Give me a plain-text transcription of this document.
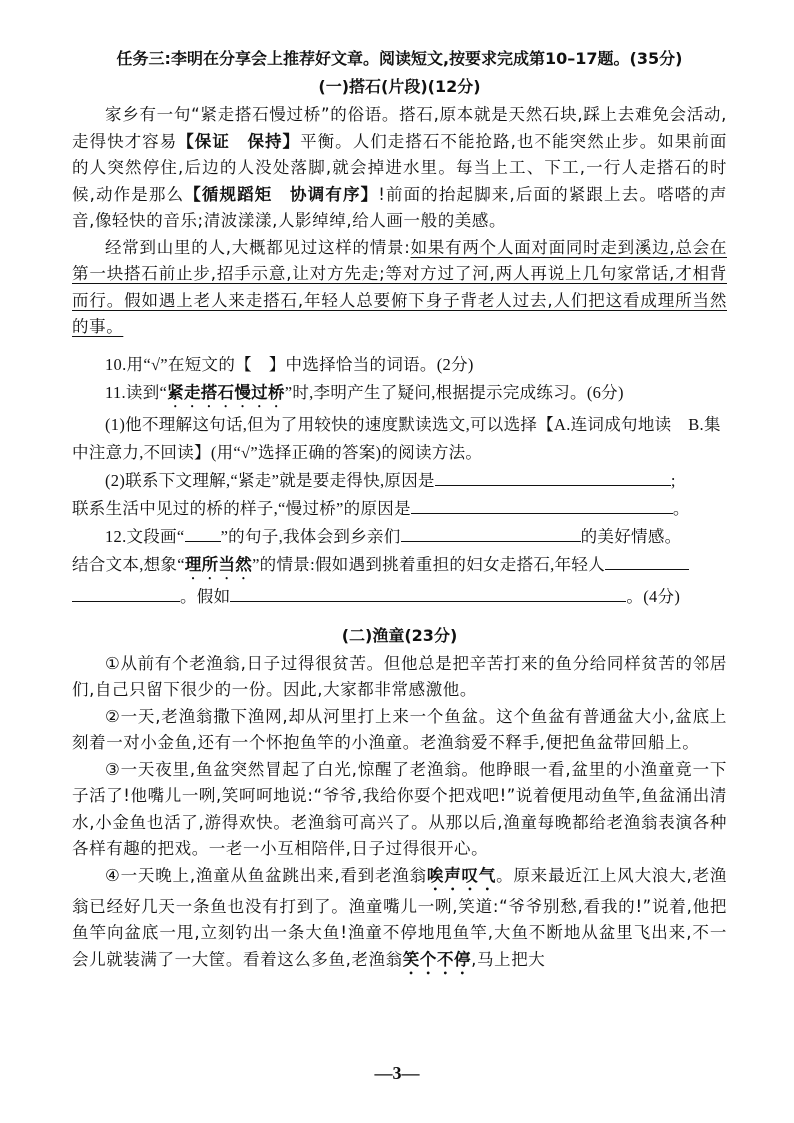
任务三:李明在分享会上推荐好文章。阅读短文,按要求完成第10–17题。(35分)

(一)搭石(片段)(12分)

家乡有一句“紧走搭石慢过桥”的俗语。搭石,原本就是天然石块,踩上去难免会活动,走得快才容易【保证　保持】平衡。人们走搭石不能抢路,也不能突然止步。如果前面的人突然停住,后边的人没处落脚,就会掉进水里。每当上工、下工,一行人走搭石的时候,动作是那么【循规蹈矩　协调有序】!前面的抬起脚来,后面的紧跟上去。嗒嗒的声音,像轻快的音乐;清波漾漾,人影绰绰,给人画一般的美感。

经常到山里的人,大概都见过这样的情景:如果有两个人面对面同时走到溪边,总会在第一块搭石前止步,招手示意,让对方先走;等对方过了河,两人再说上几句家常话,才相背而行。假如遇上老人来走搭石,年轻人总要俯下身子背老人过去,人们把这看成理所当然的事。

10.用“√”在短文的【　】中选择恰当的词语。(2分)

11.读到“紧走搭石慢过桥”时,李明产生了疑问,根据提示完成练习。(6分)

(1)他不理解这句话,但为了用较快的速度默读选文,可以选择【A.连词成句地读　B.集中注意力,不回读】(用“√”选择正确的答案)的阅读方法。

(2)联系下文理解,“紧走”就是要走得快,原因是	;

联系生活中见过的桥的样子,“慢过桥”的原因是	。

12.文段画“ ”的句子,我体会到乡亲们	的美好情感。

结合文本,想象“理所当然”的情景:假如遇到挑着重担的妇女走搭石,年轻人

。假如	。(4分)

(二)渔童(23分)

①从前有个老渔翁,日子过得很贫苦。但他总是把辛苦打来的鱼分给同样贫苦的邻居们,自己只留下很少的一份。因此,大家都非常感激他。

②一天,老渔翁撒下渔网,却从河里打上来一个鱼盆。这个鱼盆有普通盆大小,盆底上刻着一对小金鱼,还有一个怀抱鱼竿的小渔童。老渔翁爱不释手,便把鱼盆带回船上。

③一天夜里,鱼盆突然冒起了白光,惊醒了老渔翁。他睁眼一看,盆里的小渔童竟一下子活了!他嘴儿一咧,笑呵呵地说:“爷爷,我给你耍个把戏吧!”说着便甩动鱼竿,鱼盆涌出清水,小金鱼也活了,游得欢快。老渔翁可高兴了。从那以后,渔童每晚都给老渔翁表演各种各样有趣的把戏。一老一小互相陪伴,日子过得很开心。

④一天晚上,渔童从鱼盆跳出来,看到老渔翁唉声叹气。原来最近江上风大浪大,老渔翁已经好几天一条鱼也没有打到了。渔童嘴儿一咧,笑道:“爷爷别愁,看我的!”说着,他把鱼竿向盆底一甩,立刻钓出一条大鱼!渔童不停地甩鱼竿,大鱼不断地从盆里飞出来,不一会儿就装满了一大筐。看着这么多鱼,老渔翁笑个不停,马上把大

—3—
